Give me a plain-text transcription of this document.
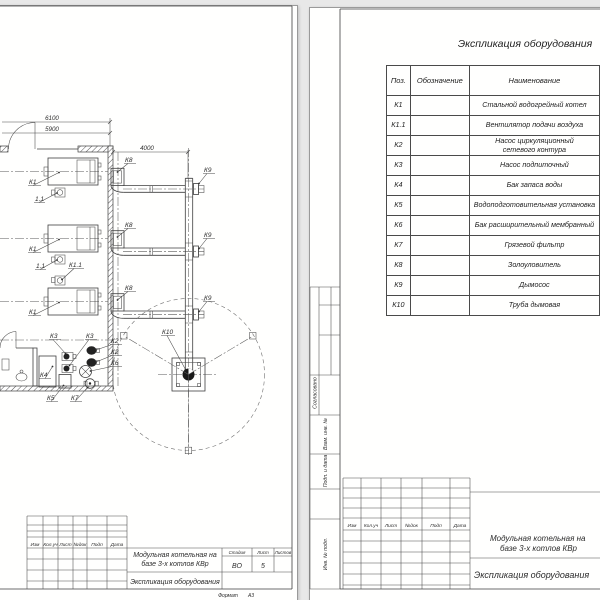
6100
5900
4000
К1
К1
К1
1.1
1.1	К1.1
К8
К8
К8
К9
К9
К9
К10
К3	К3
К2
К2
К6
К4
К5	К7
Изм Кол.уч Лист №док Подп Дата
Модульная котельная на
базе 3-х котлов КВр
Экспликация оборудования
Стадия	Лист Листов
ВО	5
Формат А3
Согласовано
Взам. инв. №
Подп. и дата
Инв. № подл.
Изм Кол.уч Лист №док	Подп Дата
Модульная котельная на
базе 3-х котлов КВр
Экспликация оборудования
Экспликация оборудования
Поз.	Обозначение	Наименование
К1		Стальной водогрейный котел
К1.1		Вентилятор подачи воздуха
К2		Насос циркуляционный сетевого контура
К3		Насос подпиточный
К4		Бак запаса воды
К5		Водоподготовительная установка
К6		Бак расширительный мембранный
К7		Грязевой фильтр
К8		Золоуловитель
К9		Дымосос
К10		Труба дымовая
